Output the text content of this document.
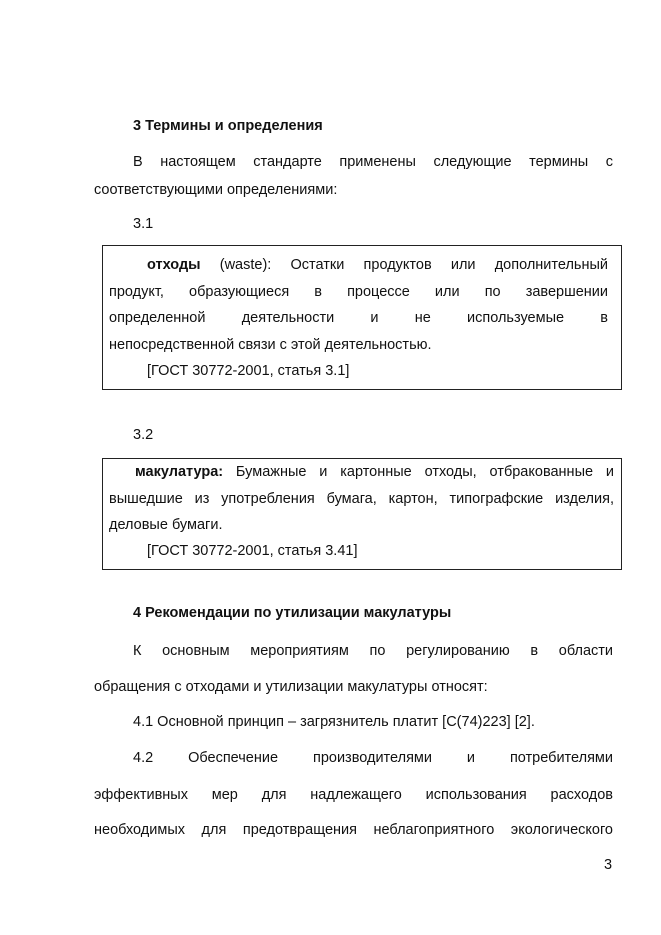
3 Термины и определения
В настоящем стандарте применены следующие термины с
соответствующими определениями:
3.1
отходы (waste): Остатки продуктов или дополнительный
продукт, образующиеся в процессе или по завершении
определенной деятельности и не используемые в
непосредственной связи с этой деятельностью.
[ГОСТ 30772-2001, статья 3.1]
3.2
макулатура: Бумажные и картонные отходы, отбракованные и
вышедшие из употребления бумага, картон, типографские изделия,
деловые бумаги.
[ГОСТ 30772-2001, статья 3.41]
4 Рекомендации по утилизации макулатуры
К основным мероприятиям по регулированию в области
обращения с отходами и утилизации макулатуры относят:
4.1 Основной принцип – загрязнитель платит [C(74)223] [2].
4.2 Обеспечение производителями и потребителями
эффективных мер для надлежащего использования расходов
необходимых для предотвращения неблагоприятного экологического
3
